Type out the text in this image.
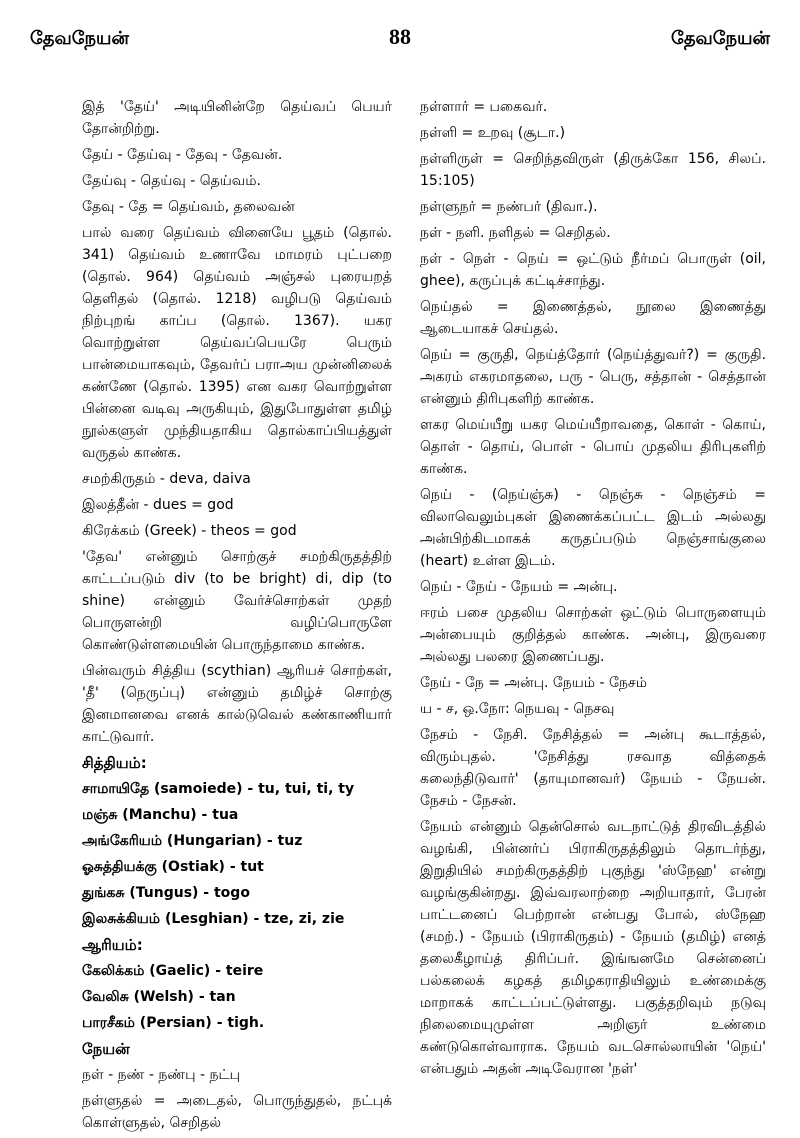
தேவநேயன்	88	தேவநேயன்

இத் 'தேய்' அடியினின்றே தெய்வப் பெயர் தோன்றிற்று.

தேய் - தேய்வு - தேவு - தேவன்.

தேய்வு - தெய்வு - தெய்வம்.

தேவு - தே = தெய்வம், தலைவன்

பால் வரை தெய்வம் வினையே பூதம் (தொல். 341) தெய்வம் உணாவே மாமரம் புட்பறை (தொல். 964) தெய்வம் அஞ்சல் புரையறத் தெளிதல் (தொல். 1218) வழிபடு தெய்வம் நிற்புறங் காப்ப (தொல். 1367). யகர வொற்றுள்ள தெய்வப்பெயரே பெரும் பான்மையாகவும், தேவர்ப் பராஅய முன்னிலைக் கண்ணே (தொல். 1395) என வகர வொற்றுள்ள பின்னை வடிவு அருகியும், இதுபோதுள்ள தமிழ் நூல்களுள் முந்தியதாகிய தொல்காப்பியத்துள் வருதல் காண்க.

சமற்கிருதம் - deva, daiva

இலத்தீன் - dues = god

கிரேக்கம் (Greek) - theos = god

'தேவ' என்னும் சொற்குச் சமற்கிருதத்திற் காட்டப்படும் div (to be bright) di, dip (to shine) என்னும் வேர்ச்சொற்கள் முதற் பொருளன்றி வழிப்பொருளே கொண்டுள்ளமையின் பொருந்தாமை காண்க.

பின்வரும் சித்திய (scythian) ஆரியச் சொற்கள், 'தீ' (நெருப்பு) என்னும் தமிழ்ச் சொற்கு இனமானவை எனக் கால்டுவெல் கண்காணியார் காட்டுவார்.

சித்தியம்:

சாமாயிதே (samoiede) - tu, tui, ti, ty

மஞ்சு (Manchu) - tua

அங்கேரியம் (Hungarian) - tuz

ஓசுத்தியக்கு (Ostiak) - tut

துங்கசு (Tungus) - togo

இலசுக்கியம் (Lesghian) - tze, zi, zie

ஆரியம்:

கேலிக்கம் (Gaelic) - teire

வேலிசு (Welsh) - tan

பாரசீகம் (Persian) - tigh.

நேயன்

நள் - நண் - நண்பு - நட்பு

நள்ளுதல் = அடைதல், பொருந்துதல், நட்புக் கொள்ளுதல், செறிதல்

நள்ளார் = பகைவர்.

நள்ளி = உறவு (சூடா.)

நள்ளிருள் = செறிந்தவிருள் (திருக்கோ 156, சிலப். 15:105)

நள்ளுநர் = நண்பர் (திவா.).

நள் - நளி. நளிதல் = செறிதல்.

நள் - நெள் - நெய் = ஒட்டும் நீர்மப் பொருள் (oil, ghee), கருப்புக் கட்டிச்சாந்து.

நெய்தல் = இணைத்தல், நூலை இணைத்து ஆடையாகச் செய்தல்.

நெய் = குருதி, நெய்த்தோர் (நெய்த்துவர்?) = குருதி. அகரம் எகரமாதலை, பரு - பெரு, சத்தான் - செத்தான் என்னும் திரிபுகளிற் காண்க.

ளகர மெய்யீறு யகர மெய்யீறாவதை, கொள் - கொய், தொள் - தொய், பொள் - பொய் முதலிய திரிபுகளிற் காண்க.

நெய் - (நெய்ஞ்சு) - நெஞ்சு - நெஞ்சம் = விலாவெலும்புகள் இணைக்கப்பட்ட இடம் அல்லது அன்பிற்கிடமாகக் கருதப்படும் நெஞ்சாங்குலை (heart) உள்ள இடம்.

நெய் - நேய் - நேயம் = அன்பு.

ஈரம் பசை முதலிய சொற்கள் ஒட்டும் பொருளையும் அன்பையும் குறித்தல் காண்க. அன்பு, இருவரை அல்லது பலரை இணைப்பது.

நேய் - நே = அன்பு. நேயம் - நேசம்

ய - ச, ஒ.நோ: நெயவு - நெசவு

நேசம் - நேசி. நேசித்தல் = அன்பு கூடாத்தல், விரும்புதல். 'நேசித்து ரசவாத வித்தைக் கலைந்திடுவார்' (தாயுமானவர்) நேயம் - நேயன். நேசம் - நேசன்.

நேயம் என்னும் தென்சொல் வடநாட்டுத் திரவிடத்தில் வழங்கி, பின்னர்ப் பிராகிருதத்திலும் தொடர்ந்து, இறுதியில் சமற்கிருதத்திற் புகுந்து 'ஸ்நேஹ' என்று வழங்குகின்றது. இவ்வரலாற்றை அறியாதார், பேரன் பாட்டனைப் பெற்றான் என்பது போல், ஸ்நேஹ (சமற்.) - நேயம் (பிராகிருதம்) - நேயம் (தமிழ்) எனத் தலைகீழாய்த் திரிப்பர். இங்ஙனமே சென்னைப் பல்கலைக் கழகத் தமிழகராதியிலும் உண்மைக்கு மாறாகக் காட்டப்பட்டுள்ளது. பகுத்தறிவும் நடுவு நிலைமையுமுள்ள அறிஞர் உண்மை கண்டுகொள்வாராக. நேயம் வடசொல்லாயின் 'நெய்' என்பதும் அதன் அடிவேரான 'நள்'
